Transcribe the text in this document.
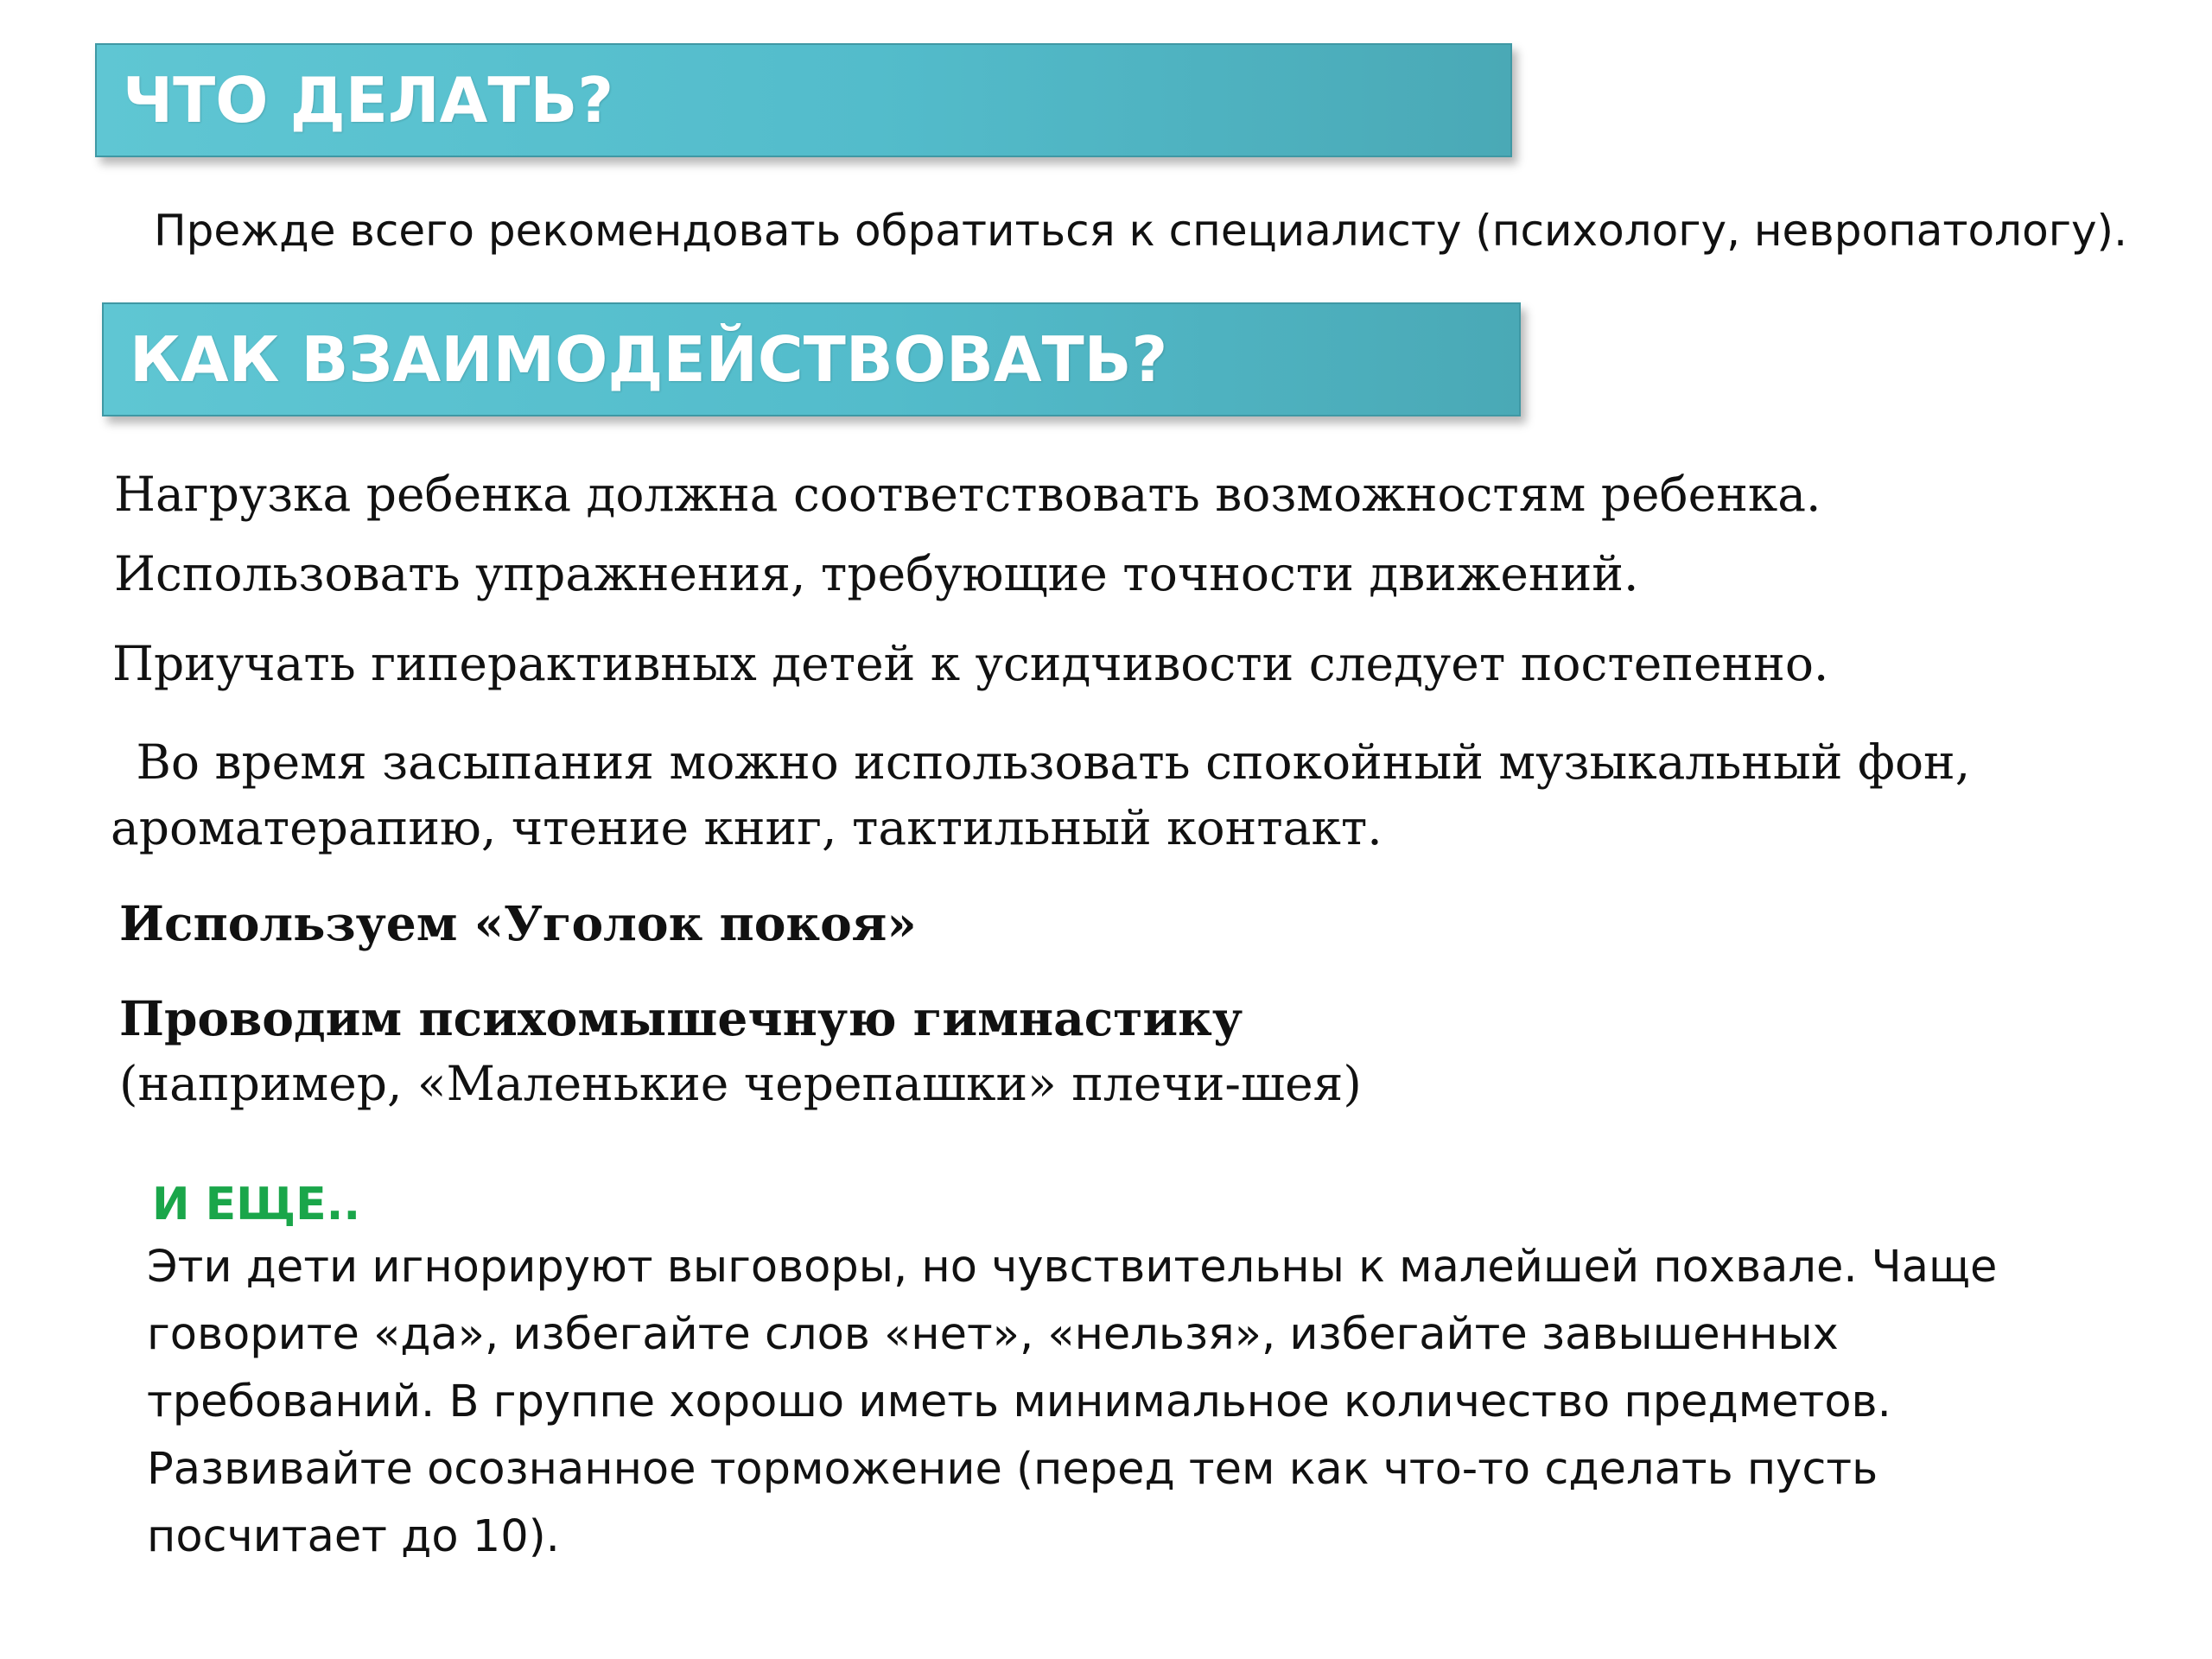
ЧТО ДЕЛАТЬ?
Прежде всего рекомендовать обратиться к специалисту (психологу, невропатологу).
КАК ВЗАИМОДЕЙСТВОВАТЬ?
Нагрузка ребенка должна соответствовать возможностям ребенка.
Использовать упражнения, требующие точности движений.
Приучать гиперактивных детей к усидчивости следует постепенно.
Во время засыпания можно использовать спокойный музыкальный фон,
ароматерапию, чтение книг, тактильный контакт.
Используем «Уголок покоя»
Проводим психомышечную гимнастику
(например, «Маленькие черепашки» плечи-шея)
И ЕЩЕ..
Эти дети игнорируют выговоры, но чувствительны к малейшей похвале. Чаще
говорите «да», избегайте слов «нет», «нельзя», избегайте завышенных
требований. В группе хорошо иметь минимальное количество предметов.
Развивайте осознанное торможение (перед тем как что-то сделать пусть
посчитает до 10).
